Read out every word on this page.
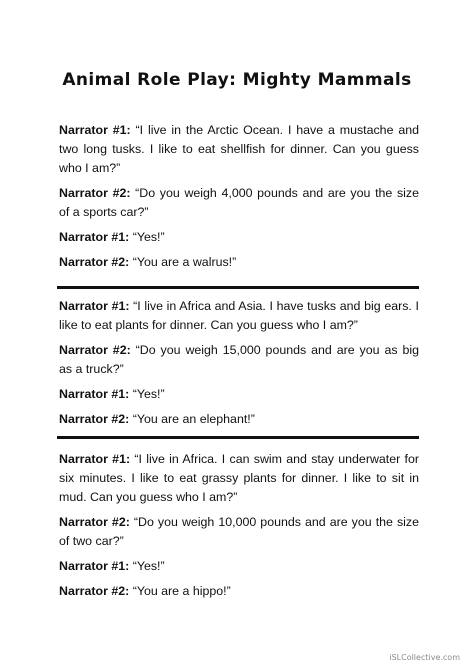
Animal Role Play: Mighty Mammals

Narrator #1: “I live in the Arctic Ocean. I have a mustache and two long tusks. I like to eat shellfish for dinner. Can you guess who I am?”

Narrator #2: “Do you weigh 4,000 pounds and are you the size of a sports car?”

Narrator #1: “Yes!”

Narrator #2: “You are a walrus!”

Narrator #1: “I live in Africa and Asia. I have tusks and big ears. I like to eat plants for dinner. Can you guess who I am?”

Narrator #2: “Do you weigh 15,000 pounds and are you as big as a truck?”

Narrator #1: “Yes!”

Narrator #2: “You are an elephant!”

Narrator #1: “I live in Africa. I can swim and stay underwater for six minutes. I like to eat grassy plants for dinner. I like to sit in mud. Can you guess who I am?”

Narrator #2: “Do you weigh 10,000 pounds and are you the size of two car?”

Narrator #1: “Yes!”

Narrator #2: “You are a hippo!”

iSLCollective.com
